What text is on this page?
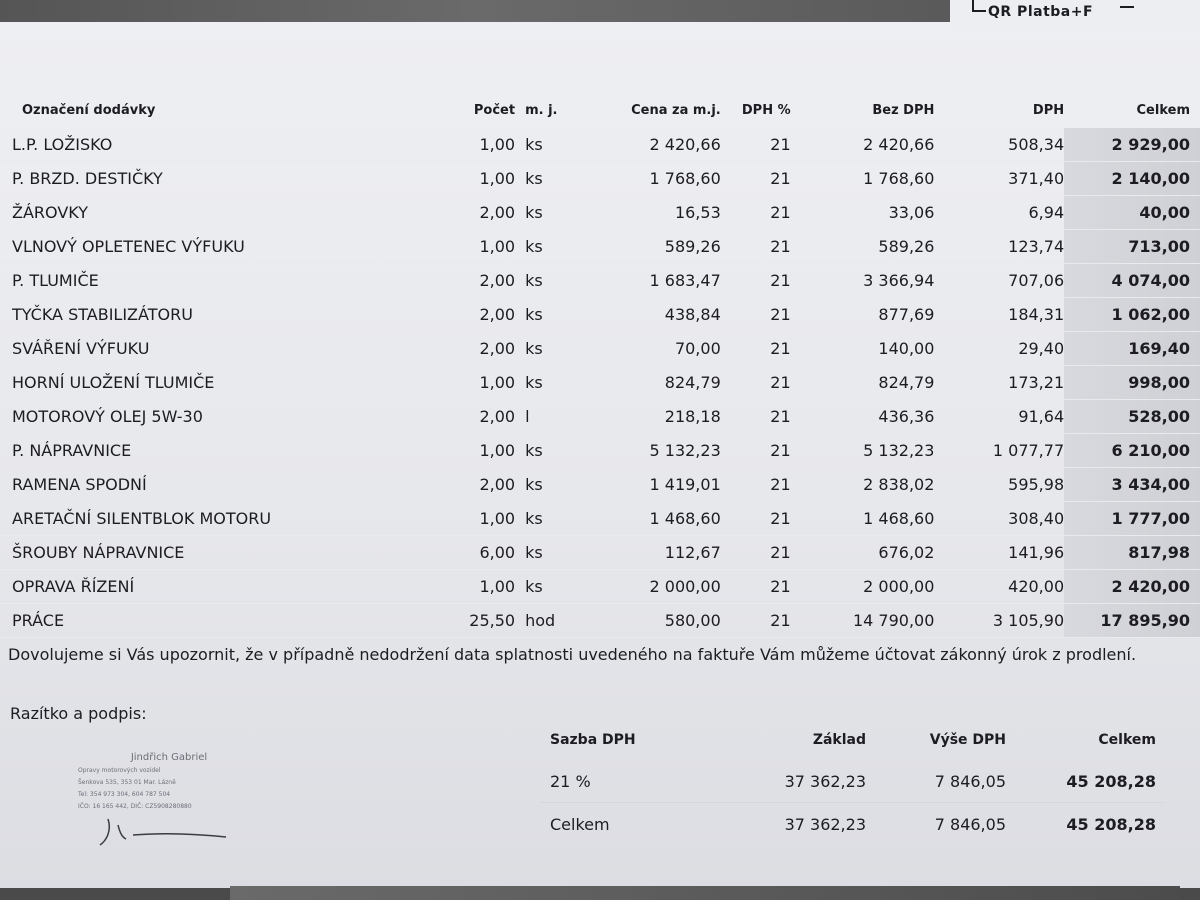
QR Platba+F
Označení dodávky	Počet	m. j.	Cena za m.j.	DPH %	Bez DPH	DPH	Celkem
L.P. LOŽISKO	1,00	ks	2 420,66	21	2 420,66	508,34	2 929,00
P. BRZD. DESTIČKY	1,00	ks	1 768,60	21	1 768,60	371,40	2 140,00
ŽÁROVKY	2,00	ks	16,53	21	33,06	6,94	40,00
VLNOVÝ OPLETENEC VÝFUKU	1,00	ks	589,26	21	589,26	123,74	713,00
P. TLUMIČE	2,00	ks	1 683,47	21	3 366,94	707,06	4 074,00
TYČKA STABILIZÁTORU	2,00	ks	438,84	21	877,69	184,31	1 062,00
SVÁŘENÍ VÝFUKU	2,00	ks	70,00	21	140,00	29,40	169,40
HORNÍ ULOŽENÍ TLUMIČE	1,00	ks	824,79	21	824,79	173,21	998,00
MOTOROVÝ OLEJ 5W-30	2,00	l	218,18	21	436,36	91,64	528,00
P. NÁPRAVNICE	1,00	ks	5 132,23	21	5 132,23	1 077,77	6 210,00
RAMENA SPODNÍ	2,00	ks	1 419,01	21	2 838,02	595,98	3 434,00
ARETAČNÍ SILENTBLOK MOTORU	1,00	ks	1 468,60	21	1 468,60	308,40	1 777,00
ŠROUBY NÁPRAVNICE	6,00	ks	112,67	21	676,02	141,96	817,98
OPRAVA ŘÍZENÍ	1,00	ks	2 000,00	21	2 000,00	420,00	2 420,00
PRÁCE	25,50	hod	580,00	21	14 790,00	3 105,90	17 895,90
Dovolujeme si Vás upozornit, že v případně nedodržení data splatnosti uvedeného na faktuře Vám můžeme účtovat zákonný úrok z prodlení.
Razítko a podpis:
Jindřich Gabriel
Opravy motorových vozidel
Šenkova 535, 353 01 Mar. Lázně
Tel: 354 973 304, 604 787 504
IČO: 16 165 442, DIČ: CZ5908280880
Sazba DPH	Základ	Výše DPH	Celkem
21 %	37 362,23	7 846,05	45 208,28
Celkem	37 362,23	7 846,05	45 208,28
